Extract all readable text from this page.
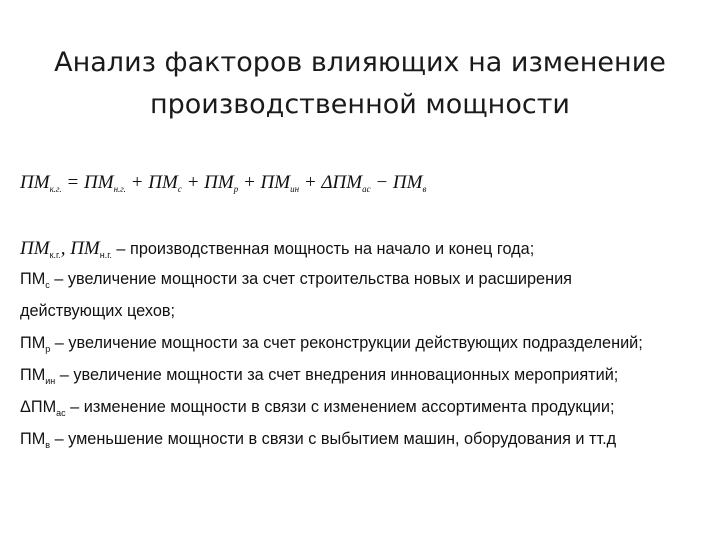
Анализ факторов влияющих на изменение
производственной мощности
$ПМ_{к.г.} = ПМ_{н.г.} + ПМ_с + ПМ_р + ПМ_{ин} + \Delta ПМ_{ас} - ПМ_в$
$ПМ_{к.г.}$, $ПМ_{н.г.}$ – производственная мощность на начало и конец года;
$ПМ_с$ – увеличение мощности за счет строительства новых и расширения
действующих цехов;
$ПМ_р$ – увеличение мощности за счет реконструкции действующих подразделений;
$ПМ_{ин}$ – увеличение мощности за счет внедрения инновационных мероприятий;
$\Delta ПМ_{ас}$ – изменение мощности в связи с изменением ассортимента продукции;
$ПМ_в$ – уменьшение мощности в связи с выбытием машин, оборудования и тт.д
